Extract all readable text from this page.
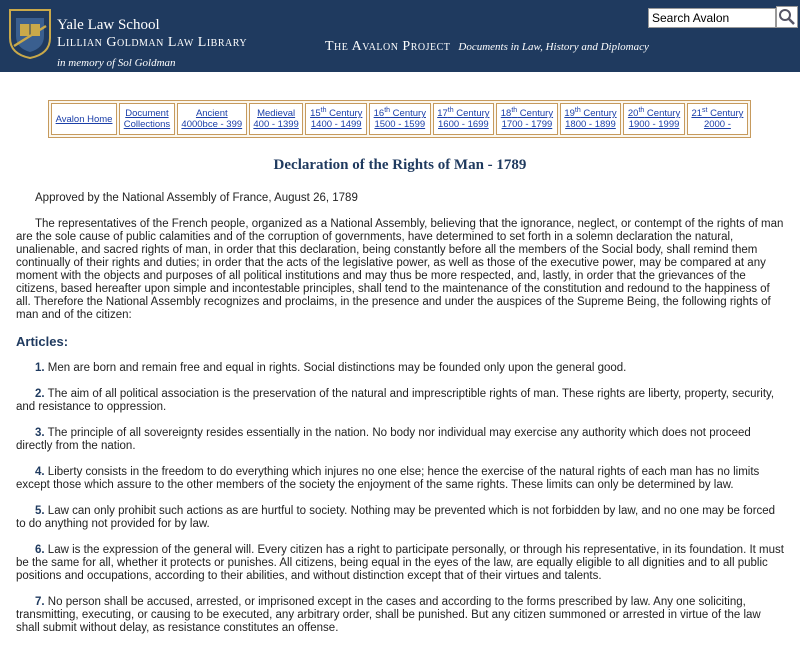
Yale Law School
Lillian Goldman Law Library
in memory of Sol Goldman
The Avalon Project Documents in Law, History and Diplomacy
Search Avalon
Avalon Home Document
Collections
Ancient
4000bce - 399
Medieval
400 - 1399
15th Century
1400 - 1499
16th Century
1500 - 1599
17th Century
1600 - 1699
18th Century
1700 - 1799
19th Century
1800 - 1899
20th Century
1900 - 1999
21st Century
2000 -
Declaration of the Rights of Man - 1789

Approved by the National Assembly of France, August 26, 1789

The representatives of the French people, organized as a National Assembly, believing that the ignorance, neglect, or contempt of the rights of man are the sole cause of public calamities and of the corruption of governments, have determined to set forth in a solemn declaration the natural, unalienable, and sacred rights of man, in order that this declaration, being constantly before all the members of the Social body, shall remind them continually of their rights and duties; in order that the acts of the legislative power, as well as those of the executive power, may be compared at any moment with the objects and purposes of all political institutions and may thus be more respected, and, lastly, in order that the grievances of the citizens, based hereafter upon simple and incontestable principles, shall tend to the maintenance of the constitution and redound to the happiness of all. Therefore the National Assembly recognizes and proclaims, in the presence and under the auspices of the Supreme Being, the following rights of man and of the citizen:

Articles:

1. Men are born and remain free and equal in rights. Social distinctions may be founded only upon the general good.

2. The aim of all political association is the preservation of the natural and imprescriptible rights of man. These rights are liberty, property, security, and resistance to oppression.

3. The principle of all sovereignty resides essentially in the nation. No body nor individual may exercise any authority which does not proceed directly from the nation.

4. Liberty consists in the freedom to do everything which injures no one else; hence the exercise of the natural rights of each man has no limits except those which assure to the other members of the society the enjoyment of the same rights. These limits can only be determined by law.

5. Law can only prohibit such actions as are hurtful to society. Nothing may be prevented which is not forbidden by law, and no one may be forced to do anything not provided for by law.

6. Law is the expression of the general will. Every citizen has a right to participate personally, or through his representative, in its foundation. It must be the same for all, whether it protects or punishes. All citizens, being equal in the eyes of the law, are equally eligible to all dignities and to all public positions and occupations, according to their abilities, and without distinction except that of their virtues and talents.

7. No person shall be accused, arrested, or imprisoned except in the cases and according to the forms prescribed by law. Any one soliciting, transmitting, executing, or causing to be executed, any arbitrary order, shall be punished. But any citizen summoned or arrested in virtue of the law shall submit without delay, as resistance constitutes an offense.
